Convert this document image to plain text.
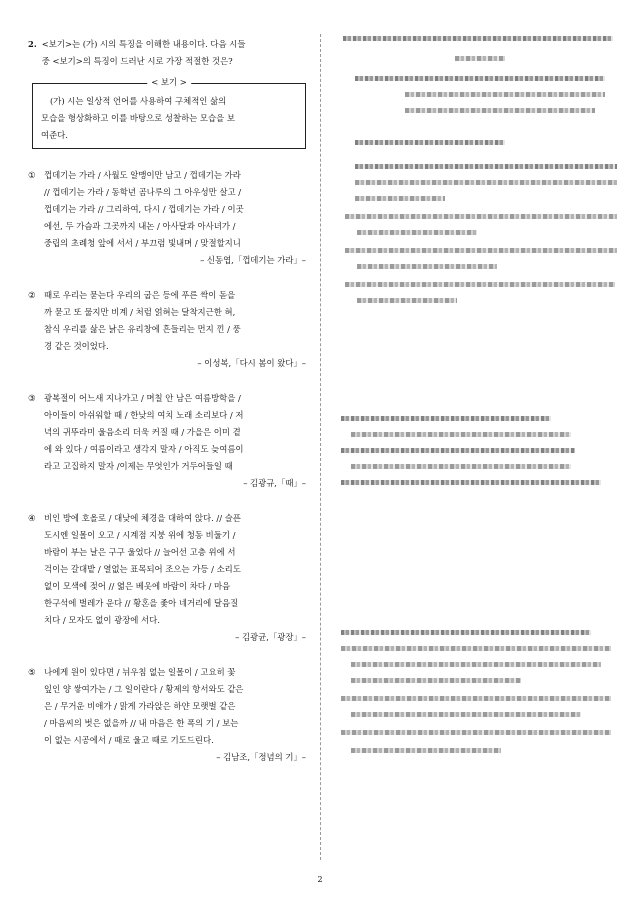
2. <보기>는 (가) 시의 특징을 이해한 내용이다. 다음 시들
중 <보기>의 특징이 드러난 시로 가장 적절한 것은?
< 보기 >
(가) 시는 일상적 언어를 사용하여 구체적인 삶의
모습을 형상화하고 이를 바탕으로 성찰하는 모습을 보
여준다.
①	껍데기는 가라 / 사월도 알맹이만 남고 / 껍데기는 가라
// 껍데기는 가라 / 동학년 곰나루의 그 아우성만 살고 /
껍데기는 가라 // 그리하여, 다시 / 껍데기는 가라 / 이곳
에선, 두 가슴과 그곳까지 내논 / 아사달과 아사녀가 /
중립의 초례청 앞에 서서 / 부끄럼 빛내며 / 맞절할지니
– 신동엽,「껍데기는 가라」–
②	때로 우리는 묻는다 우리의 굽은 등에 푸른 싹이 돋을
까 묻고 또 물지만 비계 / 처럼 얽혀는 달착지근한 혀,
참식 우리를 삶은 낡은 유리창에 흔들리는 먼지 낀 / 풍
경 같은 것이었다.
– 이성복,「다시 봄이 왔다」–
③	광복절이 어느새 지나가고 / 며칠 안 남은 여름방학을 /
아이들이 아쉬워할 때 / 한낮의 여치 노래 소리보다 / 저
녁의 귀뚜라미 울음소리 더욱 커질 때 / 가을은 이미 곁
에 와 있다 / 여름이라고 생각지 말자 / 아직도 늦여름이
라고 고집하지 말자 /이제는 무엇인가 거두어들일 때
– 김광규,「때」–
④	비인 방에 호올로 / 대낮에 체경을 대하여 앉다. // 슬픈
도시엔 일몰이 오고 / 시계점 지붕 위에 청동 비둘기 /
바람이 부는 날은 구구 울었다 // 늘어선 고층 위에 서
걱이는 갈대밭 / 열없는 표목되어 조으는 가등 / 소리도
없이 모색에 젖어 // 엷은 베옷에 바람이 차다 / 마음
한구석에 벌레가 운다 // 황혼을 좇아 네거리에 달음질
치다 / 모자도 없이 광장에 서다.
– 김광균,「광장」–
⑤	나에게 원이 있다면 / 뉘우침 없는 일몰이 / 고요히 꽃
잎인 양 쌓여가는 / 그 일이란다 / 황제의 항서와도 같은
은 / 무거운 비애가 / 맑게 가라앉은 하얀 모랫벌 같은
/ 마음씨의 벗은 없을까 // 내 마음은 한 폭의 기 / 보는
이 없는 시공에서 / 때로 울고 때로 기도드린다.
– 김남조,「정념의 기」–
2
